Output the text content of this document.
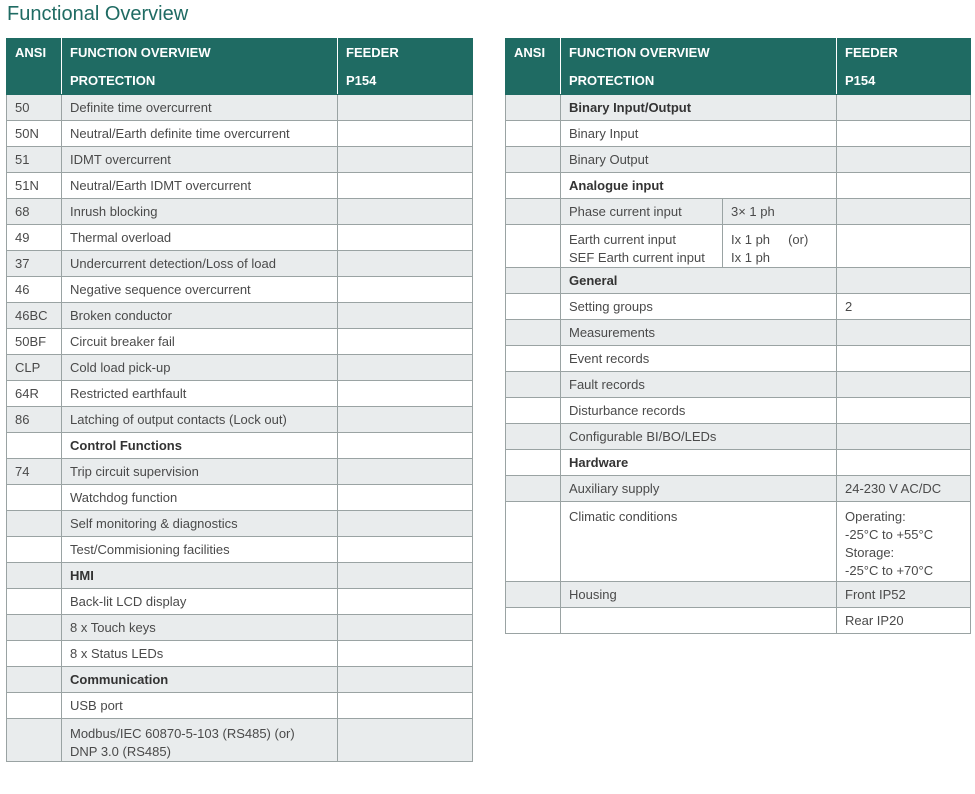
Functional Overview
ANSI	FUNCTION OVERVIEW	FEEDER
	PROTECTION	P154
50	Definite time overcurrent	
50N	Neutral/Earth definite time overcurrent	
51	IDMT overcurrent	
51N	Neutral/Earth IDMT overcurrent	
68	Inrush blocking	
49	Thermal overload	
37	Undercurrent detection/Loss of load	
46	Negative sequence overcurrent	
46BC	Broken conductor	
50BF	Circuit breaker fail	
CLP	Cold load pick-up	
64R	Restricted earthfault	
86	Latching of output contacts (Lock out)	
	Control Functions	
74	Trip circuit supervision	
	Watchdog function	
	Self monitoring & diagnostics	
	Test/Commisioning facilities	
	HMI	
	Back-lit LCD display	
	8 x Touch keys	
	8 x Status LEDs	
	Communication	
	USB port	

	Modbus/IEC 60870-5-103 (RS485) (or)
DNP 3.0 (RS485)	

ANSI	FUNCTION OVERVIEW		FEEDER
	PROTECTION		P154
	Binary Input/Output		
	Binary Input		
	Binary Output		
	Analogue input		
	Phase current input	3× 1 ph	

	Earth current input
SEF Earth current input	Ix 1 ph     (or)
Ix 1 ph	

	General		
	Setting groups		2
	Measurements		
	Event records		
	Fault records		
	Disturbance records		
	Configurable BI/BO/LEDs		
	Hardware		
	Auxiliary supply		24-230 V AC/DC
	Climatic conditions		Operating:
-25°C to +55°C
Storage:
-25°C to +70°C

	Housing		Front IP52
			Rear IP20
